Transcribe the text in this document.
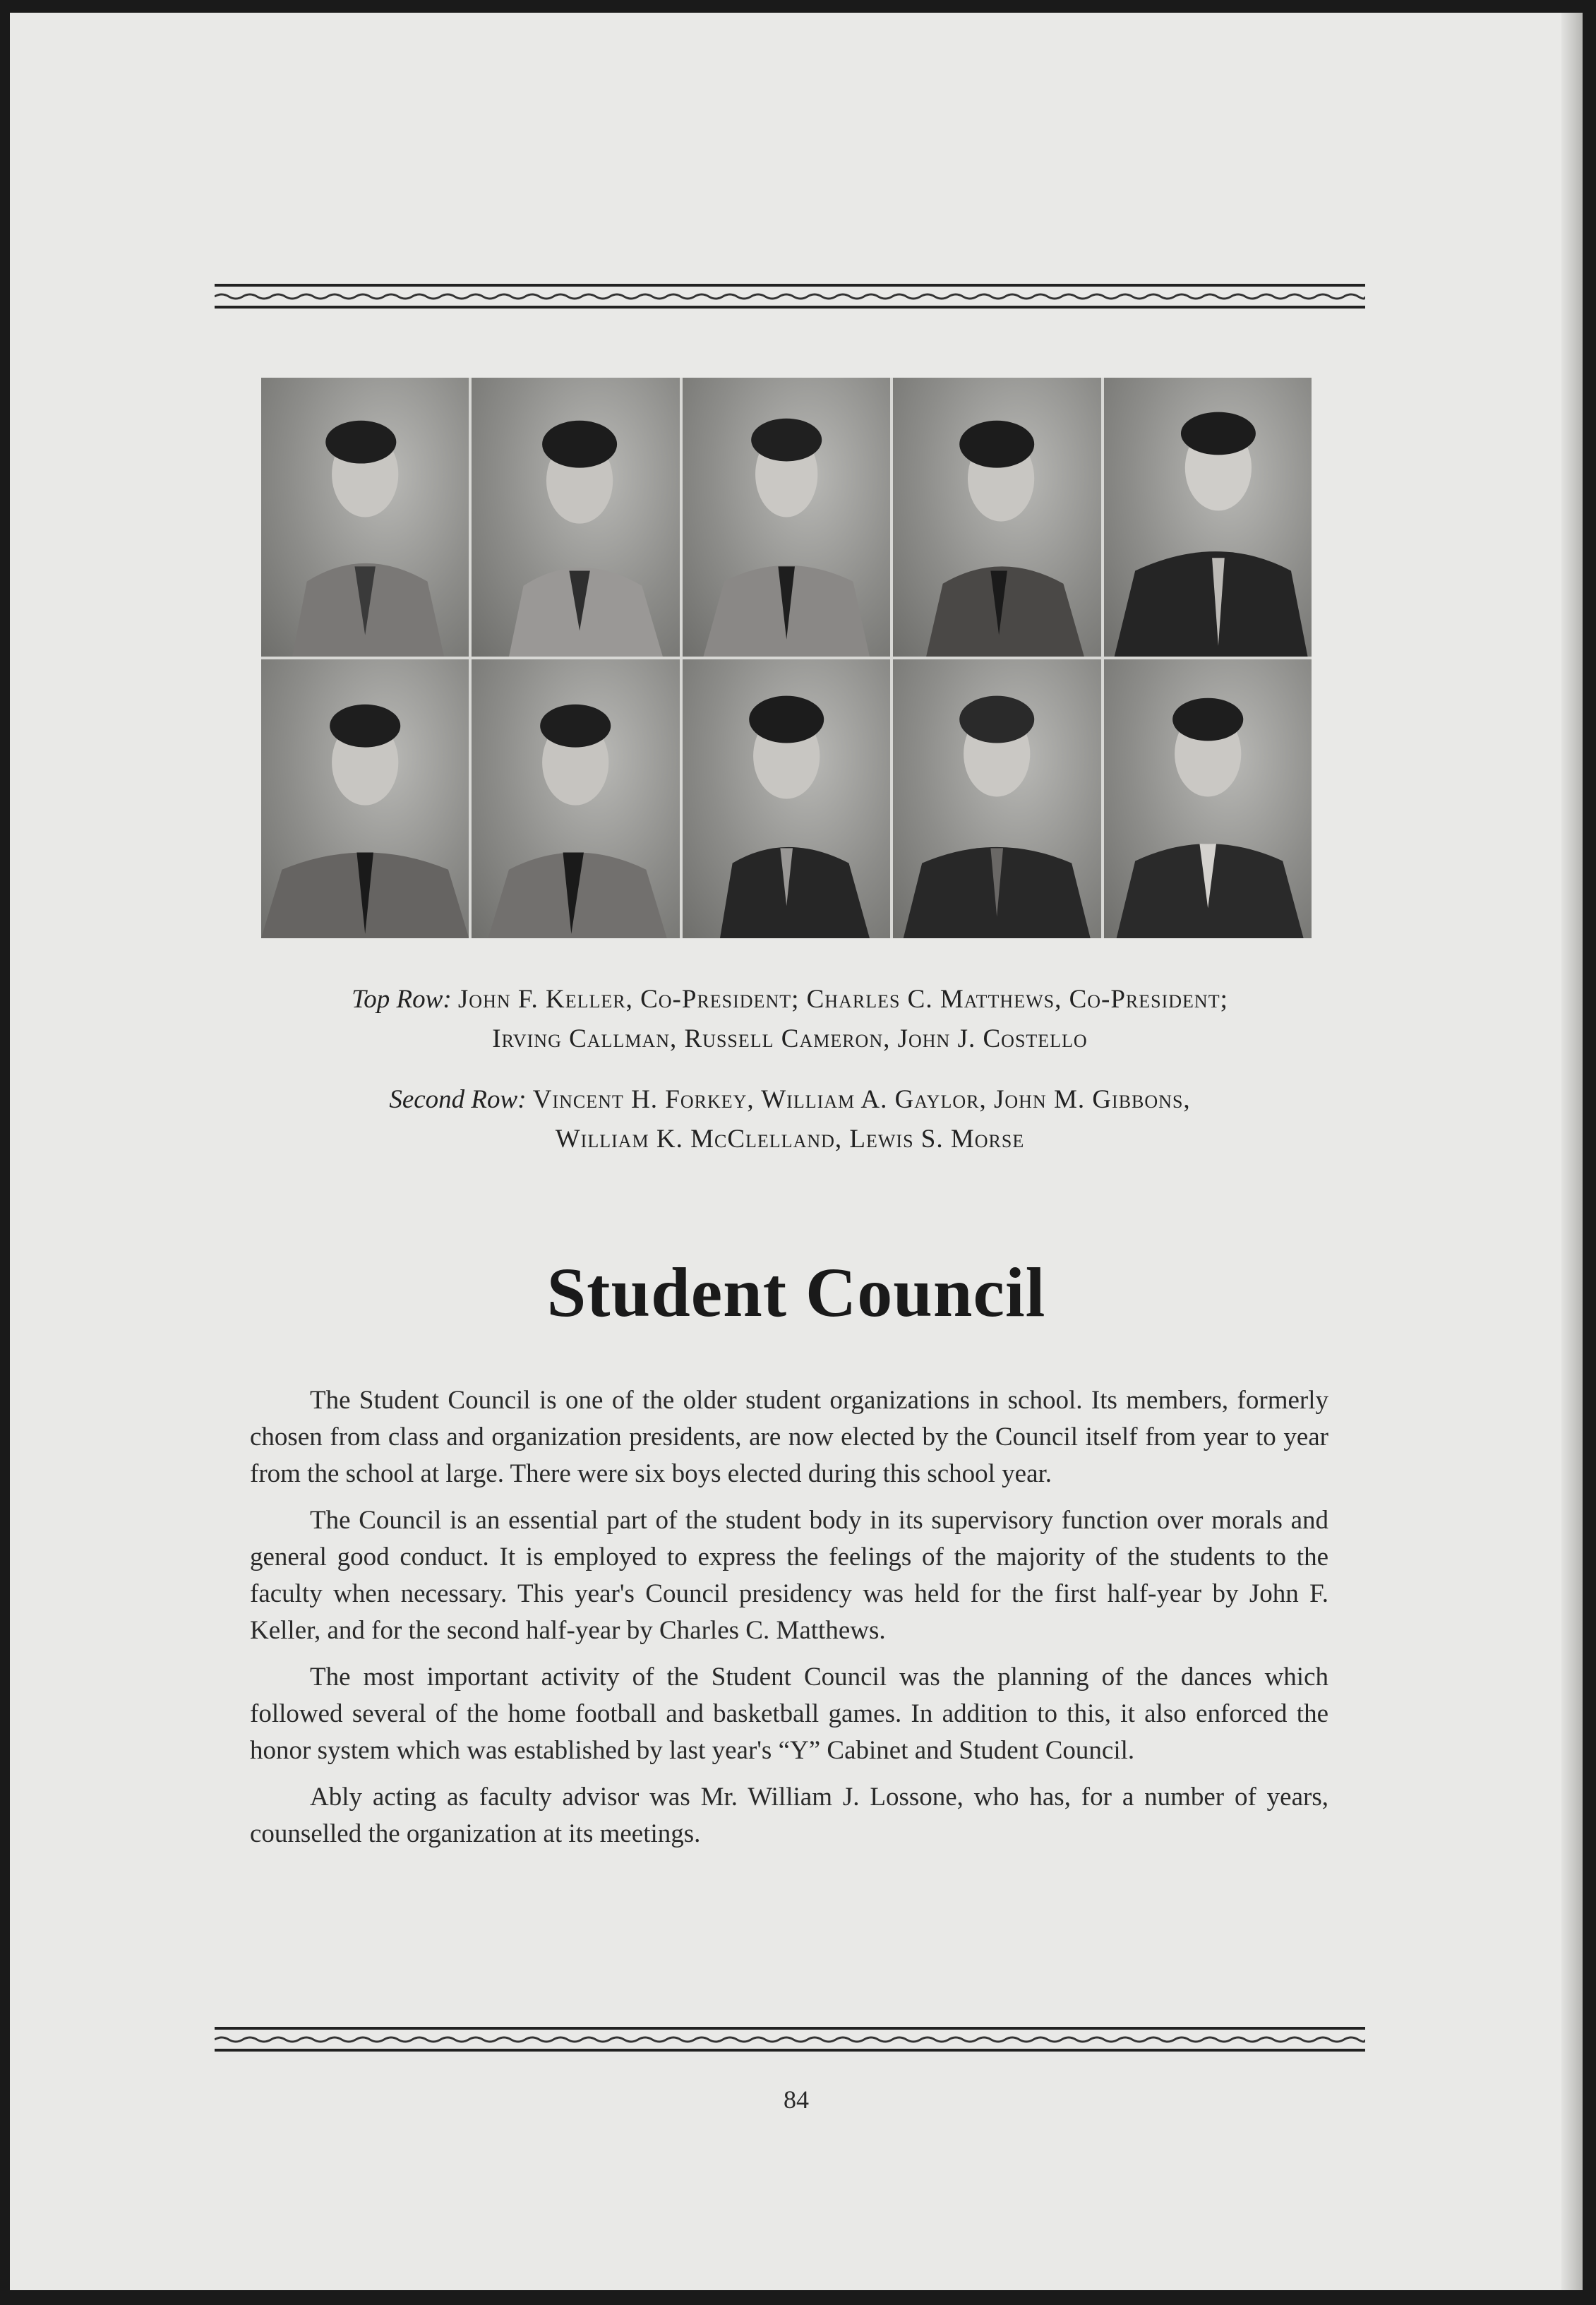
Top Row: John F. Keller, Co-President; Charles C. Matthews, Co-President;
Irving Callman, Russell Cameron, John J. Costello
Second Row: Vincent H. Forkey, William A. Gaylor, John M. Gibbons,
William K. McClelland, Lewis S. Morse
Student Council

The Student Council is one of the older student organizations in school. Its members, formerly chosen from class and organization presidents, are now elected by the Council itself from year to year from the school at large. There were six boys elected during this school year.

The Council is an essential part of the student body in its supervisory function over morals and general good conduct. It is employed to express the feelings of the majority of the students to the faculty when necessary. This year's Council presidency was held for the first half-year by John F. Keller, and for the second half-year by Charles C. Matthews.

The most important activity of the Student Council was the planning of the dances which followed several of the home football and basketball games. In addition to this, it also enforced the honor system which was established by last year's “Y” Cabinet and Student Council.

Ably acting as faculty advisor was Mr. William J. Lossone, who has, for a number of years, counselled the organization at its meetings.

84
